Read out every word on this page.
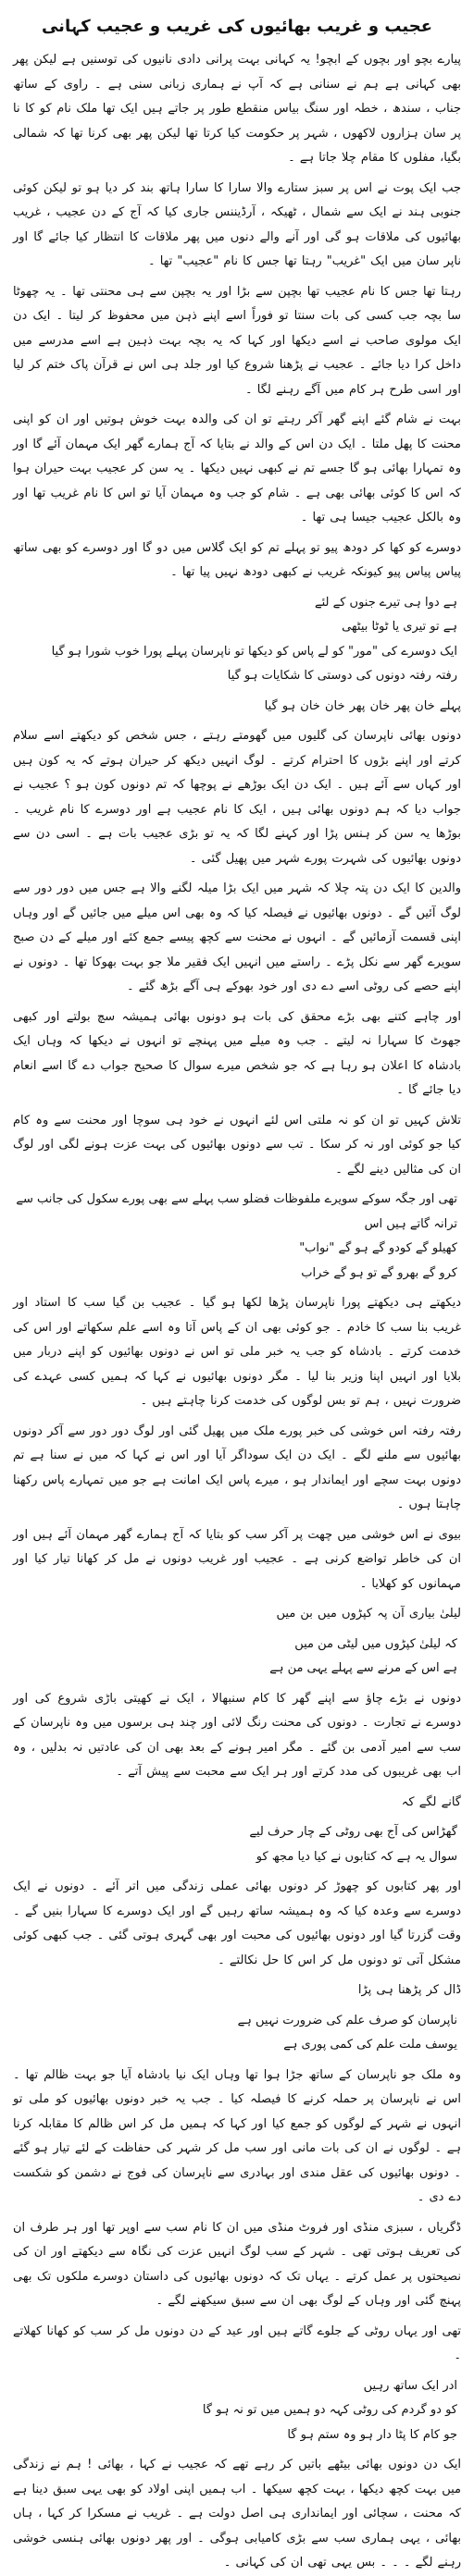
عجیب و غریب بھائیوں کی غریب و عجیب کہانی

پیارے بچو اور بچوں کے ابچو! یہ کہانی بہت پرانی دادی نانیوں کی توسنیں ہے لیکن پھر بھی کہانی ہے ہم نے سنانی ہے کہ آپ نے ہماری زبانی سنی ہے ۔ راوی کے ساتھ جناب ، سندھ ، خطہ اور سنگ بیاس منقطع طور پر جاتے ہیں ایک تھا ملک نام کو کا نا پر سان ہزاروں لاکھوں ، شہر پر حکومت کیا کرتا تھا لیکن پھر بھی کرنا تھا کہ شمالی بگیا، مفلوں کا مقام چلا جاتا ہے ۔

جب ایک پوت نے اس پر سبز ستارے والا سارا کا سارا ہاتھ بند کر دیا ہو تو لیکن کوئی جنوبی ہند نے ایک سے شمال ، ٹھیکہ ، آرڈیننس جاری کیا کہ آج کے دن عجیب ، غریب بھائیوں کی ملاقات ہو گی اور آنے والے دنوں میں پھر ملاقات کا انتظار کیا جائے گا اور ناپر سان میں ایک "غریب" رہتا تھا جس کا نام "عجیب" تھا ۔

رہتا تھا جس کا نام عجیب تھا بچپن سے بڑا اور یہ بچپن سے ہی محنتی تھا ۔ یہ چھوٹا سا بچہ جب کسی کی بات سنتا تو فوراً اسے اپنے ذہن میں محفوظ کر لیتا ۔ ایک دن ایک مولوی صاحب نے اسے دیکھا اور کہا کہ یہ بچہ بہت ذہین ہے اسے مدرسے میں داخل کرا دیا جائے ۔ عجیب نے پڑھنا شروع کیا اور جلد ہی اس نے قرآن پاک ختم کر لیا اور اسی طرح ہر کام میں آگے رہنے لگا ۔

بہت نے شام گئے اپنے گھر آکر رہتے تو ان کی والدہ بہت خوش ہوتیں اور ان کو اپنی محنت کا پھل ملتا ۔ ایک دن اس کے والد نے بتایا کہ آج ہمارے گھر ایک مہمان آئے گا اور وہ تمہارا بھائی ہو گا جسے تم نے کبھی نہیں دیکھا ۔ یہ سن کر عجیب بہت حیران ہوا کہ اس کا کوئی بھائی بھی ہے ۔ شام کو جب وہ مہمان آیا تو اس کا نام غریب تھا اور وہ بالکل عجیب جیسا ہی تھا ۔

دوسرے کو کھا کر دودھ پیو تو پہلے تم کو ایک گلاس میں دو گا اور دوسرے کو بھی ساتھ پیاس پیاس پیو کیونکہ غریب نے کبھی دودھ نہیں پیا تھا ۔

ہے دوا ہی تیرے جنوں کے لئے

ہے تو تیری یا ٹوٹا بیٹھی

ایک دوسرے کی "مور" کو لے پاس کو دیکھا تو ناپرسان پہلے پورا خوب شورا ہو گیا

رفتہ رفتہ دونوں کی دوستی کا شکایات ہو گیا

پہلے خان پھر خان پھر خان خان ہو گیا

دونوں بھائی ناپرسان کی گلیوں میں گھومتے رہتے ، جس شخص کو دیکھتے اسے سلام کرتے اور اپنے بڑوں کا احترام کرتے ۔ لوگ انہیں دیکھ کر حیران ہوتے کہ یہ کون ہیں اور کہاں سے آئے ہیں ۔ ایک دن ایک بوڑھے نے پوچھا کہ تم دونوں کون ہو ؟ عجیب نے جواب دیا کہ ہم دونوں بھائی ہیں ، ایک کا نام عجیب ہے اور دوسرے کا نام غریب ۔ بوڑھا یہ سن کر ہنس پڑا اور کہنے لگا کہ یہ تو بڑی عجیب بات ہے ۔ اسی دن سے دونوں بھائیوں کی شہرت پورے شہر میں پھیل گئی ۔

والدین کا ایک دن پتہ چلا کہ شہر میں ایک بڑا میلہ لگنے والا ہے جس میں دور دور سے لوگ آئیں گے ۔ دونوں بھائیوں نے فیصلہ کیا کہ وہ بھی اس میلے میں جائیں گے اور وہاں اپنی قسمت آزمائیں گے ۔ انہوں نے محنت سے کچھ پیسے جمع کئے اور میلے کے دن صبح سویرے گھر سے نکل پڑے ۔ راستے میں انہیں ایک فقیر ملا جو بہت بھوکا تھا ۔ دونوں نے اپنے حصے کی روٹی اسے دے دی اور خود بھوکے ہی آگے بڑھ گئے ۔

اور چاہے کتنے بھی بڑے محقق کی بات ہو دونوں بھائی ہمیشہ سچ بولتے اور کبھی جھوٹ کا سہارا نہ لیتے ۔ جب وہ میلے میں پہنچے تو انہوں نے دیکھا کہ وہاں ایک بادشاہ کا اعلان ہو رہا ہے کہ جو شخص میرے سوال کا صحیح جواب دے گا اسے انعام دیا جائے گا ۔

تلاش کہیں تو ان کو نہ ملتی اس لئے انہوں نے خود ہی سوچا اور محنت سے وہ کام کیا جو کوئی اور نہ کر سکا ۔ تب سے دونوں بھائیوں کی بہت عزت ہونے لگی اور لوگ ان کی مثالیں دینے لگے ۔

تھی اور جگہ سوکے سویرے ملفوظات فضلو سب پہلے سے بھی پورے سکول کی جانب سے ترانہ گاتے ہیں اس

کھیلو گے کودو گے ہو گے "نواب"

کرو گے بھرو گے تو ہو گے خراب

دیکھتے ہی دیکھتے پورا ناپرسان پڑھا لکھا ہو گیا ۔ عجیب بن گیا سب کا استاد اور غریب بنا سب کا خادم ۔ جو کوئی بھی ان کے پاس آتا وہ اسے علم سکھاتے اور اس کی خدمت کرتے ۔ بادشاہ کو جب یہ خبر ملی تو اس نے دونوں بھائیوں کو اپنے دربار میں بلایا اور انہیں اپنا وزیر بنا لیا ۔ مگر دونوں بھائیوں نے کہا کہ ہمیں کسی عہدے کی ضرورت نہیں ، ہم تو بس لوگوں کی خدمت کرنا چاہتے ہیں ۔

رفتہ رفتہ اس خوشی کی خبر پورے ملک میں پھیل گئی اور لوگ دور دور سے آکر دونوں بھائیوں سے ملنے لگے ۔ ایک دن ایک سوداگر آیا اور اس نے کہا کہ میں نے سنا ہے تم دونوں بہت سچے اور ایماندار ہو ، میرے پاس ایک امانت ہے جو میں تمہارے پاس رکھنا چاہتا ہوں ۔

بیوی نے اس خوشی میں چھت پر آکر سب کو بتایا کہ آج ہمارے گھر مہمان آئے ہیں اور ان کی خاطر تواضع کرنی ہے ۔ عجیب اور غریب دونوں نے مل کر کھانا تیار کیا اور مہمانوں کو کھلایا ۔

لیلیٰ بیاری آن پہ کپڑوں میں بن میں

کہ لیلیٰ کپڑوں میں لیٹی من میں

ہے اس کے مرنے سے پہلے یہی من ہے

دونوں نے بڑے چاؤ سے اپنے گھر کا کام سنبھالا ، ایک نے کھیتی باڑی شروع کی اور دوسرے نے تجارت ۔ دونوں کی محنت رنگ لائی اور چند ہی برسوں میں وہ ناپرسان کے سب سے امیر آدمی بن گئے ۔ مگر امیر ہونے کے بعد بھی ان کی عادتیں نہ بدلیں ، وہ اب بھی غریبوں کی مدد کرتے اور ہر ایک سے محبت سے پیش آتے ۔

گانے لگے کہ

گھڑاس کی آج بھی روٹی کے چار حرف لیے

سوال یہ ہے کہ کتابوں نے کیا دیا مجھ کو

اور پھر کتابوں کو چھوڑ کر دونوں بھائی عملی زندگی میں اتر آئے ۔ دونوں نے ایک دوسرے سے وعدہ کیا کہ وہ ہمیشہ ساتھ رہیں گے اور ایک دوسرے کا سہارا بنیں گے ۔ وقت گزرتا گیا اور دونوں بھائیوں کی محبت اور بھی گہری ہوتی گئی ۔ جب کبھی کوئی مشکل آتی تو دونوں مل کر اس کا حل نکالتے ۔

ڈال کر پڑھنا ہی پڑا

ناپرسان کو صرف علم کی ضرورت نہیں ہے

یوسف ملت علم کی کمی پوری ہے

وہ ملک جو ناپرسان کے ساتھ جڑا ہوا تھا وہاں ایک نیا بادشاہ آیا جو بہت ظالم تھا ۔ اس نے ناپرسان پر حملہ کرنے کا فیصلہ کیا ۔ جب یہ خبر دونوں بھائیوں کو ملی تو انہوں نے شہر کے لوگوں کو جمع کیا اور کہا کہ ہمیں مل کر اس ظالم کا مقابلہ کرنا ہے ۔ لوگوں نے ان کی بات مانی اور سب مل کر شہر کی حفاظت کے لئے تیار ہو گئے ۔ دونوں بھائیوں کی عقل مندی اور بہادری سے ناپرسان کی فوج نے دشمن کو شکست دے دی ۔

ڈگریاں ، سبزی منڈی اور فروٹ منڈی میں ان کا نام سب سے اوپر تھا اور ہر طرف ان کی تعریف ہوتی تھی ۔ شہر کے سب لوگ انہیں عزت کی نگاہ سے دیکھتے اور ان کی نصیحتوں پر عمل کرتے ۔ یہاں تک کہ دونوں بھائیوں کی داستان دوسرے ملکوں تک بھی پہنچ گئی اور وہاں کے لوگ بھی ان سے سبق سیکھنے لگے ۔

تھی اور یہاں روٹی کے جلوے گاتے ہیں اور عید کے دن دونوں مل کر سب کو کھانا کھلاتے ۔

ادر ایک ساتھ رہیں

کو دو گردم کی روٹی کہہ دو ہمیں میں تو نہ ہو گا

جو کام کا پٹا دار ہو وہ ستم ہو گا

ایک دن دونوں بھائی بیٹھے باتیں کر رہے تھے کہ عجیب نے کہا ، بھائی ! ہم نے زندگی میں بہت کچھ دیکھا ، بہت کچھ سیکھا ۔ اب ہمیں اپنی اولاد کو بھی یہی سبق دینا ہے کہ محنت ، سچائی اور ایمانداری ہی اصل دولت ہے ۔ غریب نے مسکرا کر کہا ، ہاں بھائی ، یہی ہماری سب سے بڑی کامیابی ہوگی ۔ اور پھر دونوں بھائی ہنسی خوشی رہنے لگے ۔ ۔ ۔ بس یہی تھی ان کی کہانی ۔
